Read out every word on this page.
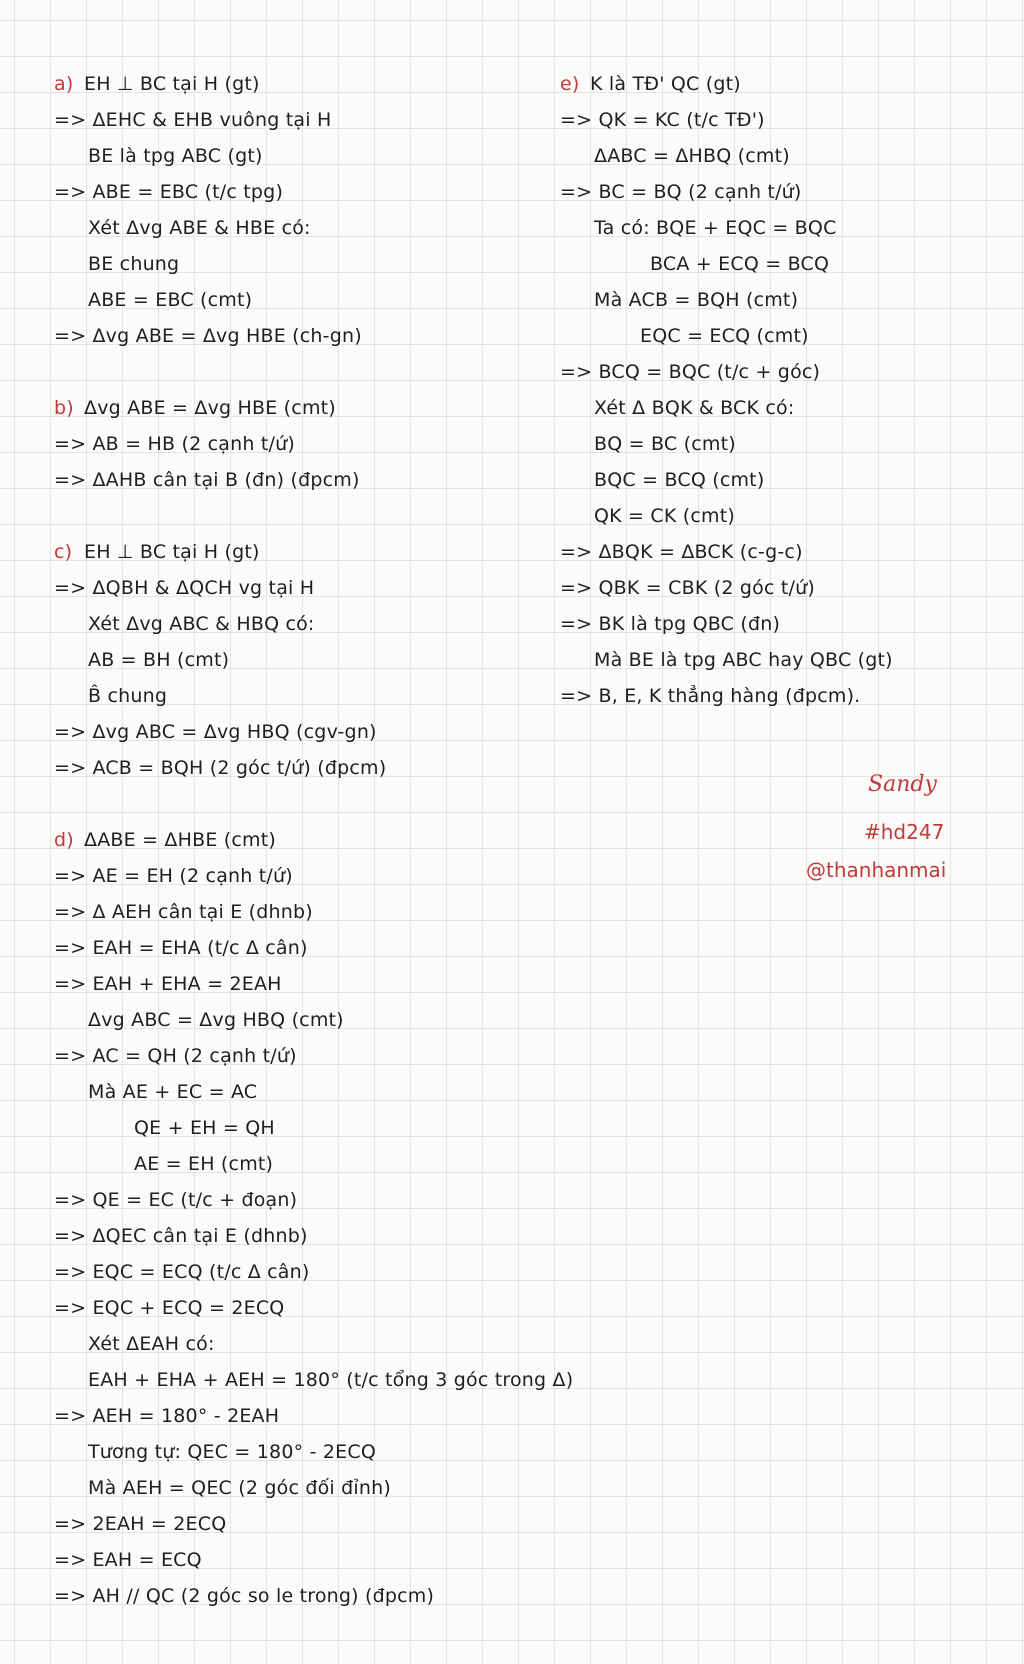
a) EH ⊥ BC tại H (gt)
=> ΔEHC & EHB vuông tại H
BE là tpg ABC (gt)
=> ABE = EBC (t/c tpg)
Xét Δvg ABE & HBE có:
BE chung
ABE = EBC (cmt)
=> Δvg ABE = Δvg HBE (ch-gn)
b) Δvg ABE = Δvg HBE (cmt)
=> AB = HB (2 cạnh t/ứ)
=> ΔAHB cân tại B (đn) (đpcm)
c) EH ⊥ BC tại H (gt)
=> ΔQBH & ΔQCH vg tại H
Xét Δvg ABC & HBQ có:
AB = BH (cmt)
B̂ chung
=> Δvg ABC = Δvg HBQ (cgv-gn)
=> ACB = BQH (2 góc t/ứ) (đpcm)
d) ΔABE = ΔHBE (cmt)
=> AE = EH (2 cạnh t/ứ)
=> Δ AEH cân tại E (dhnb)
=> EAH = EHA (t/c Δ cân)
=> EAH + EHA = 2EAH
Δvg ABC = Δvg HBQ (cmt)
=> AC = QH (2 cạnh t/ứ)
Mà AE + EC = AC
QE + EH = QH
AE = EH (cmt)
=> QE = EC (t/c + đoạn)
=> ΔQEC cân tại E (dhnb)
=> EQC = ECQ (t/c Δ cân)
=> EQC + ECQ = 2ECQ
Xét ΔEAH có:
EAH + EHA + AEH = 180° (t/c tổng 3 góc trong Δ)
=> AEH = 180° - 2EAH
Tương tự: QEC = 180° - 2ECQ
Mà AEH = QEC (2 góc đối đỉnh)
=> 2EAH = 2ECQ
=> EAH = ECQ
=> AH // QC (2 góc so le trong) (đpcm)
e) K là TĐ' QC (gt)
=> QK = KC (t/c TĐ')
ΔABC = ΔHBQ (cmt)
=> BC = BQ (2 cạnh t/ứ)
Ta có: BQE + EQC = BQC
BCA + ECQ = BCQ
Mà ACB = BQH (cmt)
EQC = ECQ (cmt)
=> BCQ = BQC (t/c + góc)
Xét Δ BQK & BCK có:
BQ = BC (cmt)
BQC = BCQ (cmt)
QK = CK (cmt)
=> ΔBQK = ΔBCK (c-g-c)
=> QBK = CBK (2 góc t/ứ)
=> BK là tpg QBC (đn)
Mà BE là tpg ABC hay QBC (gt)
=> B, E, K thẳng hàng (đpcm).
Sandy
#hd247
@thanhanmai
